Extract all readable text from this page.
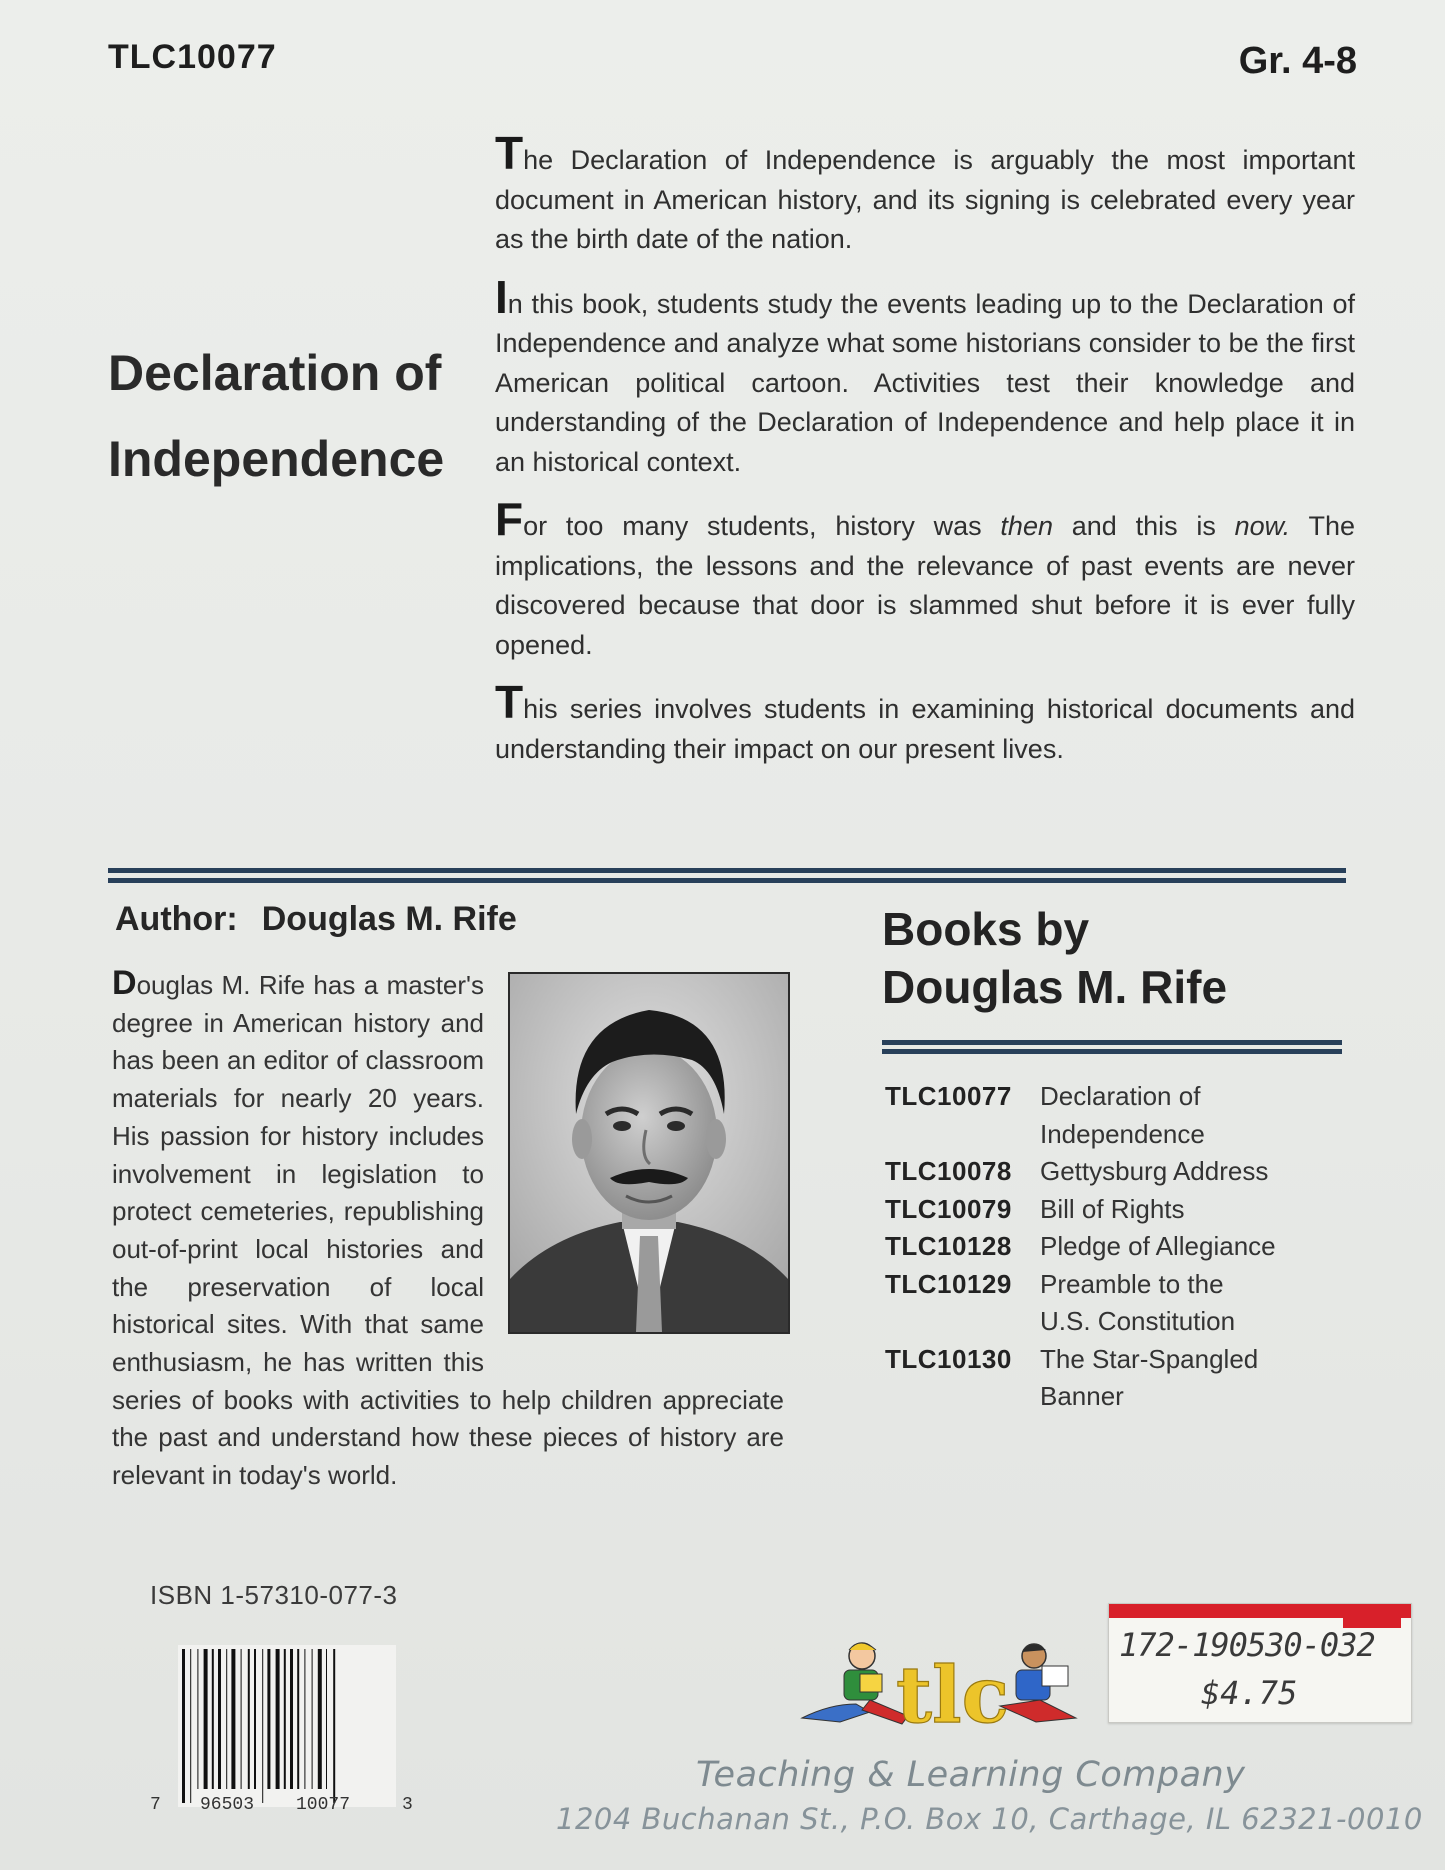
TLC10077	Gr. 4-8
Declaration of
Independence

The Declaration of Independence is arguably the most important document in American history, and its signing is celebrated every year as the birth date of the nation.

In this book, students study the events leading up to the Declaration of Independence and analyze what some historians consider to be the first American political cartoon. Activities test their knowledge and understanding of the Declaration of Independence and help place it in an historical context.

For too many students, history was then and this is now. The implications, the lessons and the relevance of past events are never discovered because that door is slammed shut before it is ever fully opened.

This series involves students in examining historical documents and understanding their impact on our present lives.

Author: Douglas M. Rife

Douglas M. Rife has a master's degree in American history and has been an editor of classroom materials for nearly 20 years. His passion for history includes involvement in legislation to protect cemeteries, republishing out-of-print local histories and the preservation of local historical sites. With that same enthusiasm, he has written this series of books with activities to help children appreciate the past and understand how these pieces of history are relevant in today's world.

Books by
Douglas M. Rife
TLC10077	Declaration of
Independence
TLC10078	Gettysburg Address
TLC10079	Bill of Rights
TLC10128	Pledge of Allegiance
TLC10129	Preamble to the
U.S. Constitution
TLC10130	The Star-Spangled
Banner
ISBN 1-57310-077-3
7 96503 10077	3
tlc
172-190530-032
$4.75
Teaching & Learning Company
1204 Buchanan St., P.O. Box 10, Carthage, IL 62321-0010
